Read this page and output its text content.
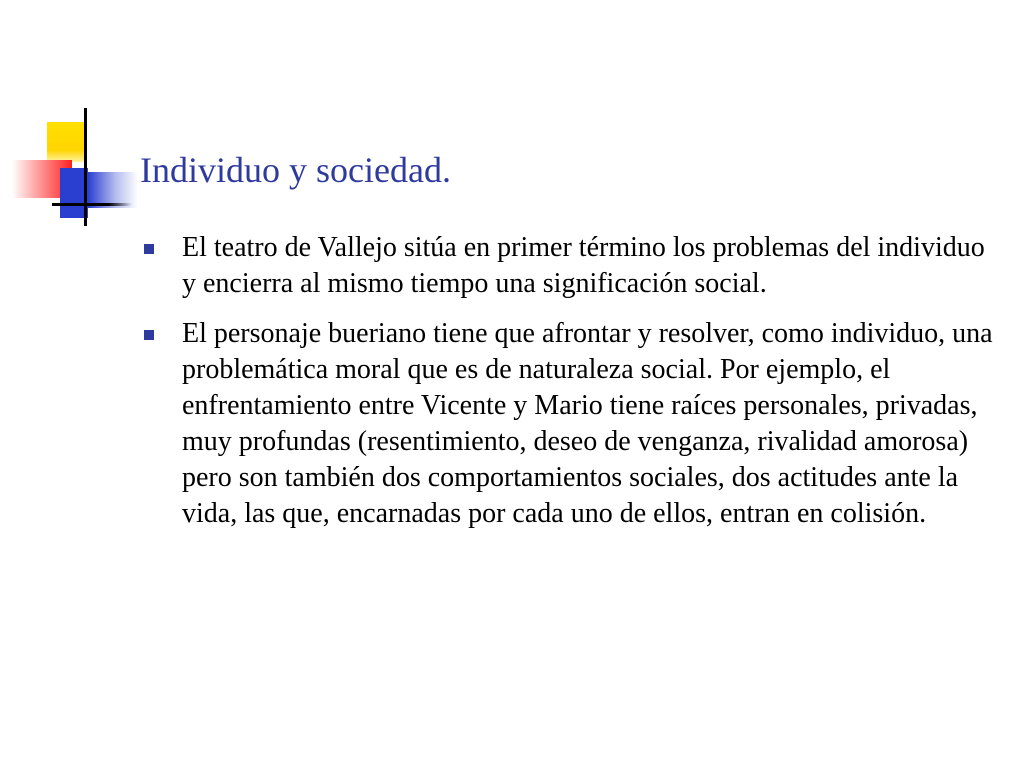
Individuo y sociedad.
El teatro de Vallejo sitúa en primer término los problemas del individuo y encierra al mismo tiempo una significación social.
El personaje bueriano tiene que afrontar y resolver, como individuo, una problemática moral que es de naturaleza social. Por ejemplo, el enfrentamiento entre Vicente y Mario tiene raíces personales, privadas, muy profundas (resentimiento, deseo de venganza, rivalidad amorosa) pero son también dos comportamientos sociales, dos actitudes ante la vida, las que, encarnadas por cada uno de ellos, entran en colisión.
